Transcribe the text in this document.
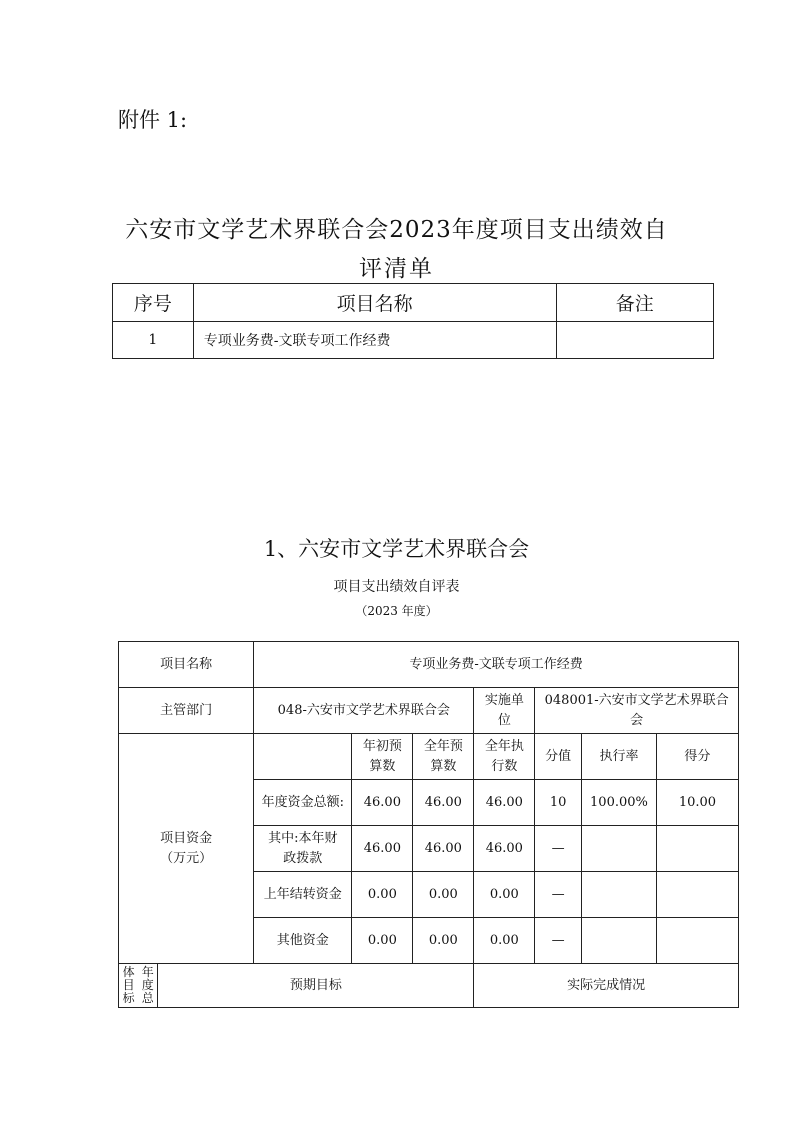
附件 1:
六安市文学艺术界联合会2023年度项目支出绩效自
评清单
序号	项目名称	备注
1	专项业务费-文联专项工作经费	
1、六安市文学艺术界联合会
项目支出绩效自评表
（2023 年度）
项目名称		专项业务费-文联专项工作经费						
主管部门		048-六安市文学艺术界联合会			实施单位	048001-六安市文学艺术界联合会		

项目资金
（万元）			年初预算数	全年预算数	全年执行数	分值	执行率	得分
		年度资金总额:	46.00	46.00	46.00	10	100.00%	10.00
		其中:本年财政拨款	46.00	46.00	46.00	—		
		上年结转资金	0.00	0.00	0.00	—		
		其他资金	0.00	0.00	0.00	—		

体目标
年度总	预期目标				实际完成情况			
